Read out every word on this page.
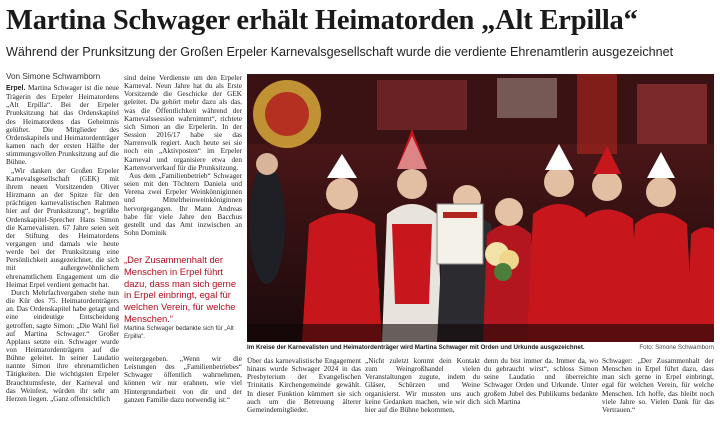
Martina Schwager erhält Heimatorden „Alt Erpilla“
Während der Prunksitzung der Großen Erpeler Karnevalsgesellschaft wurde die verdiente Ehrenamtlerin ausgezeichnet
Von Simone Schwamborn

Erpel. Martina Schwager ist die neue Trägerin des Erpeler Heimatordens „Alt Erpilla“. Bei der Erpeler Prunksitzung hat das Ordenskapitel des Heimatordens das Geheimnis gelüftet. Die Mitglieder des Ordenskapitels und Heimatordenträger kamen nach der ersten Hälfte der stimmungsvollen Prunksitzung auf die Bühne.

„Wir danken der Großen Erpeler Karnevalsgesellschaft (GEK) mit ihrem neuen Vorsitzenden Oliver Hirzmann an der Spitze für den prächtigen karnevalistischen Rahmen hier auf der Prunksitzung“, begrüßte Ordenskapitel-Sprecher Hans Simon die Karnevalisten. 67 Jahre seien seit der Stiftung des Heimatordens vergangen und damals wie heute werde bei der Prunksitzung eine Persönlichkeit ausgezeichnet, die sich mit außergewöhnlichem ehrenamtlichem Engagement um die Heimat Erpel verdient gemacht hat.

Durch Mehrfachvergaben stehe nun die Kür des 75. Heimatordenträgers an. Das Ordenskapitel habe getagt und eine eindeutige Entscheidung getroffen, sagte Simon: „Die Wahl fiel auf Martina Schwager.“ Großer Applaus setzte ein. Schwager wurde von Heimatordenträgern auf die Bühne geleitet. In seiner Laudatio nannte Simon ihre ehrenamtlichen Tätigkeiten. Die wichtigsten Erpeler Brauchtumsfeste, der Karneval und das Weinfest, würden ihr sehr am Herzen liegen. „Ganz offensichtlich

sind deine Verdienste um den Erpeler Karneval. Neun Jahre hat du als Erste Vorsitzende die Geschicke der GEK geleitet. Da gehört mehr dazu als das, was die Öffentlichkeit während der Karnevalssession wahrnimmt“, richtete sich Simon an die Erpelerin. In der Session 2016/17 habe sie das Narrenvolk regiert. Auch heute sei sie noch ein „Aktivposten“ im Erpeler Karneval und organisiere etwa den Kartenvorverkauf für die Prunksitzung.

Aus dem „Familienbetrieb“ Schwager seien mit den Töchtern Daniela und Verena zwei Erpeler Weinkönniginnen und Mittelrheinweinköniginnen hervorgegangen. Ihr Mann Andreas habe für viele Jahre den Bacchus gestellt und das Amt inzwischen an Sohn Dominik

„Der Zusammenhalt der Menschen in Erpel führt dazu, dass man sich gerne in Erpel einbringt, egal für welchen Verein, für welche Menschen.“
Martina Schwager bedankte sich für „Alt Erpilla“.

weitergegeben. „Wenn wir die Leistungen des „Familienbetriebes“ Schwager öffentlich wahrnehmen, können wir nur erahnen, wie viel Hintergrundarbeit von dir und der ganzen Familie dazu notwendig ist.“

Im Kreise der Karnevalisten und Heimatordenträger wird Martina Schwager mit Orden und Urkunde ausgezeichnet.	Foto: Simone Schwamborn

Über das karnevalistische Engagement hinaus wurde Schwager 2024 in das Presbyterium der Evangelischen Trinitatis Kirchengemeinde gewählt. In dieser Funktion kümmert sie sich auch um die Betreuung älterer Gemeindemitglieder.

„Nicht zuletzt kommt dein Kontakt zum Weingroßhandel vielen Veranstaltungen zugute, indem du Gläser, Schürzen und Weine organisierst. Wir mussten uns auch keine Gedanken machen, wie wir dich hier auf die Bühne bekommen,

denn du bist immer da. Immer da, wo du gebraucht wirst“, schloss Simon seine Laudatio und überreichte Schwager Orden und Urkunde. Unter großem Jubel des Publikums bedankte sich Martina

Schwager: „Der Zusammenhalt der Menschen in Erpel führt dazu, dass man sich gerne in Erpel einbringt, egal für welchen Verein, für welche Menschen. Ich hoffe, das bleibt noch viele Jahre so. Vielen Dank für das Vertrauen.“
